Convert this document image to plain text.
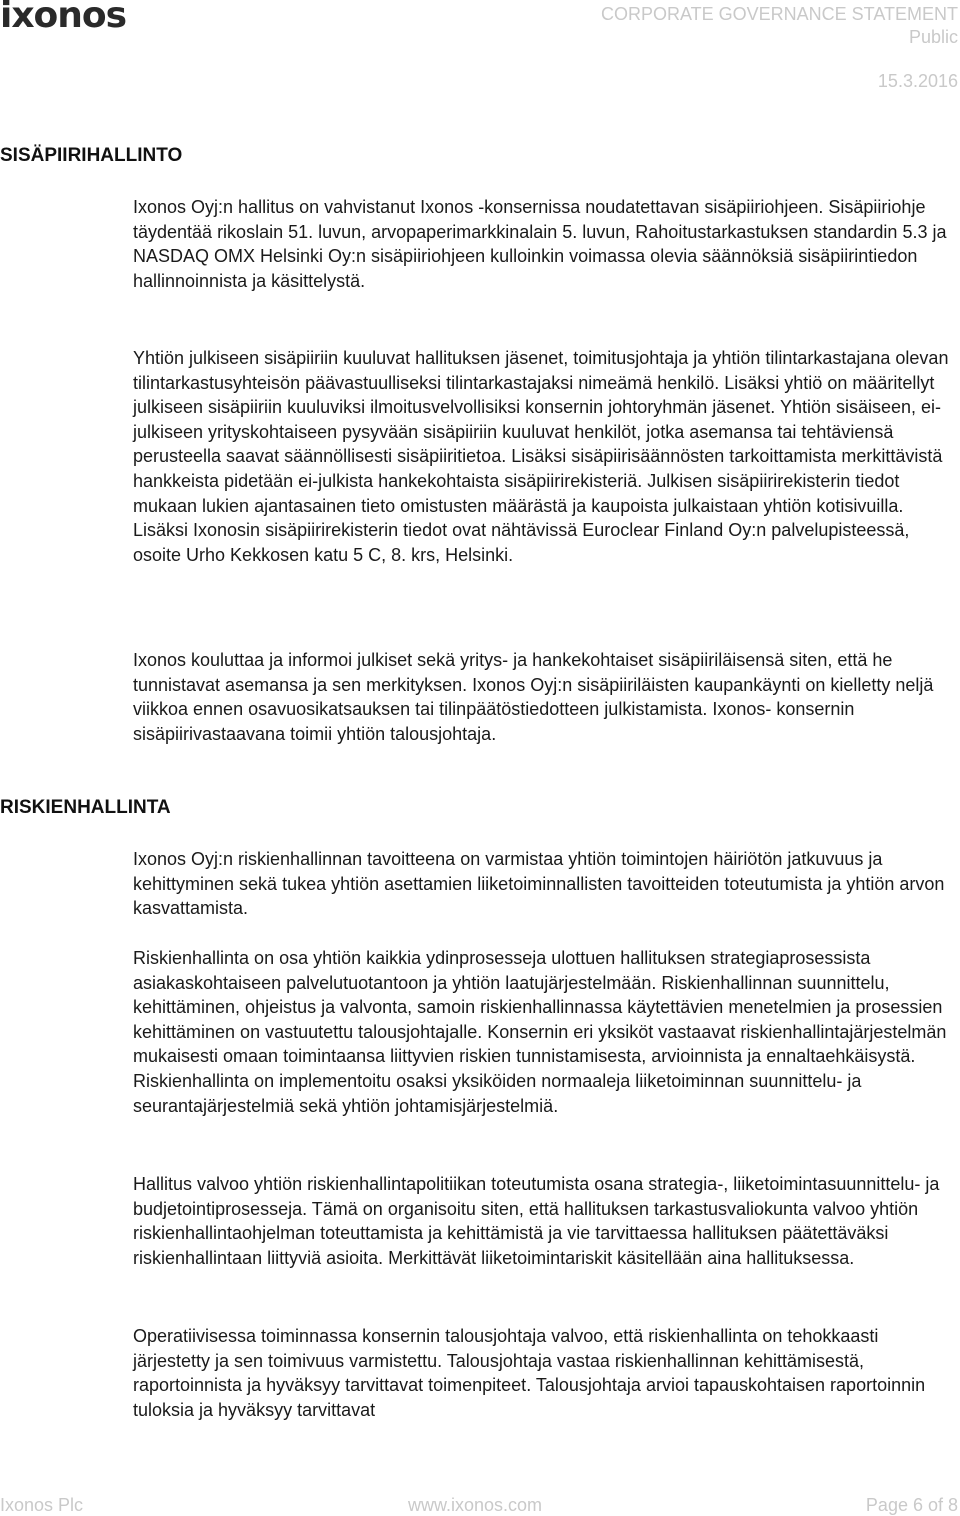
ixonos	CORPORATE GOVERNANCE STATEMENT
Public
15.3.2016
SISÄPIIRIHALLINTO

Ixonos Oyj:n hallitus on vahvistanut Ixonos -konsernissa noudatettavan sisäpiiriohjeen. Sisäpiiriohje täydentää rikoslain 51. luvun, arvopaperimarkkinalain 5. luvun, Rahoitustarkastuksen standardin 5.3 ja NASDAQ OMX Helsinki Oy:n sisäpiiriohjeen kulloinkin voimassa olevia säännöksiä sisäpiirintiedon hallinnoinnista ja käsittelystä.

Yhtiön julkiseen sisäpiiriin kuuluvat hallituksen jäsenet, toimitusjohtaja ja yhtiön tilintarkastajana olevan tilintarkastusyhteisön päävastuulliseksi tilintarkastajaksi nimeämä henkilö. Lisäksi yhtiö on määritellyt julkiseen sisäpiiriin kuuluviksi ilmoitusvelvollisiksi konsernin johtoryhmän jäsenet. Yhtiön sisäiseen, ei-julkiseen yrityskohtaiseen pysyvään sisäpiiriin kuuluvat henkilöt, jotka asemansa tai tehtäviensä perusteella saavat säännöllisesti sisäpiiritietoa. Lisäksi sisäpiirisäännösten tarkoittamista merkittävistä hankkeista pidetään ei-julkista hankekohtaista sisäpiirirekisteriä. Julkisen sisäpiirirekisterin tiedot mukaan lukien ajantasainen tieto omistusten määrästä ja kaupoista julkaistaan yhtiön kotisivuilla. Lisäksi Ixonosin sisäpiirirekisterin tiedot ovat nähtävissä Euroclear Finland Oy:n palvelupisteessä, osoite Urho Kekkosen katu 5 C, 8. krs, Helsinki.

Ixonos kouluttaa ja informoi julkiset sekä yritys- ja hankekohtaiset sisäpiiriläisensä siten, että he tunnistavat asemansa ja sen merkityksen. Ixonos Oyj:n sisäpiiriläisten kaupankäynti on kielletty neljä viikkoa ennen osavuosikatsauksen tai tilinpäätöstiedotteen julkistamista. Ixonos- konsernin sisäpiirivastaavana toimii yhtiön talousjohtaja.

RISKIENHALLINTA

Ixonos Oyj:n riskienhallinnan tavoitteena on varmistaa yhtiön toimintojen häiriötön jatkuvuus ja kehittyminen sekä tukea yhtiön asettamien liiketoiminnallisten tavoitteiden toteutumista ja yhtiön arvon kasvattamista.

Riskienhallinta on osa yhtiön kaikkia ydinprosesseja ulottuen hallituksen strategiaprosessista asiakaskohtaiseen palvelutuotantoon ja yhtiön laatujärjestelmään. Riskienhallinnan suunnittelu, kehittäminen, ohjeistus ja valvonta, samoin riskienhallinnassa käytettävien menetelmien ja prosessien kehittäminen on vastuutettu talousjohtajalle. Konsernin eri yksiköt vastaavat riskienhallintajärjestelmän mukaisesti omaan toimintaansa liittyvien riskien tunnistamisesta, arvioinnista ja ennaltaehkäisystä. Riskienhallinta on implementoitu osaksi yksiköiden normaaleja liiketoiminnan suunnittelu- ja seurantajärjestelmiä sekä yhtiön johtamisjärjestelmiä.

Hallitus valvoo yhtiön riskienhallintapolitiikan toteutumista osana strategia-, liiketoimintasuunnittelu- ja budjetointiprosesseja. Tämä on organisoitu siten, että hallituksen tarkastusvaliokunta valvoo yhtiön riskienhallintaohjelman toteuttamista ja kehittämistä ja vie tarvittaessa hallituksen päätettäväksi riskienhallintaan liittyviä asioita. Merkittävät liiketoimintariskit käsitellään aina hallituksessa.

Operatiivisessa toiminnassa konsernin talousjohtaja valvoo, että riskienhallinta on tehokkaasti järjestetty ja sen toimivuus varmistettu. Talousjohtaja vastaa riskienhallinnan kehittämisestä, raportoinnista ja hyväksyy tarvittavat toimenpiteet. Talousjohtaja arvioi tapauskohtaisen raportoinnin tuloksia ja hyväksyy tarvittavat

Ixonos Plc	www.ixonos.com	Page 6 of 8
